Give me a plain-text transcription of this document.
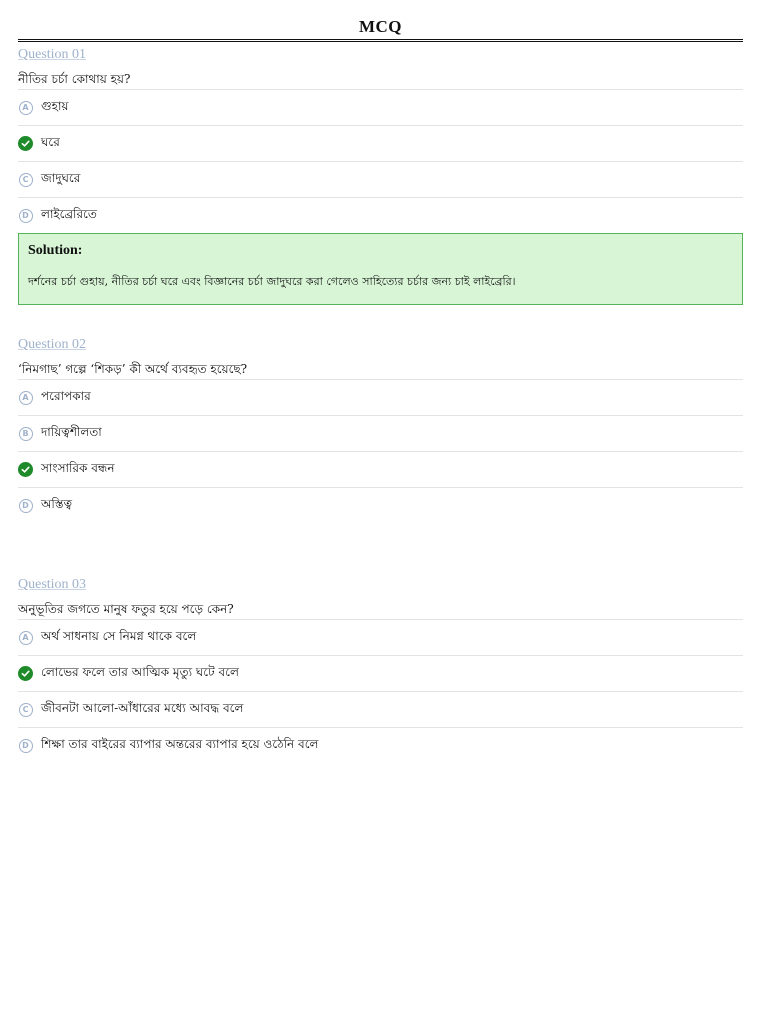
MCQ
Question 01
নীতির চর্চা কোথায় হয়?
A	গুহায়
ঘরে
C	জাদুঘরে
D	লাইব্রেরিতে
Solution:
দর্শনের চর্চা গুহায়, নীতির চর্চা ঘরে এবং বিজ্ঞানের চর্চা জাদুঘরে করা গেলেও সাহিত্যের চর্চার জন্য চাই লাইব্রেরি।
Question 02
‘নিমগাছ’ গল্পে ‘শিকড়’ কী অর্থে ব্যবহৃত হয়েছে?
A	পরোপকার
B	দায়িত্বশীলতা
সাংসারিক বন্ধন
D	অস্তিত্ব
Question 03
অনুভূতির জগতে মানুষ ফতুর হয়ে পড়ে কেন?
A	অর্থ সাধনায় সে নিমগ্ন থাকে বলে
লোভের ফলে তার আত্মিক মৃত্যু ঘটে বলে
C	জীবনটা আলো-আঁধারের মধ্যে আবদ্ধ বলে
D	শিক্ষা তার বাইরের ব্যাপার অন্তরের ব্যাপার হয়ে ওঠেনি বলে
